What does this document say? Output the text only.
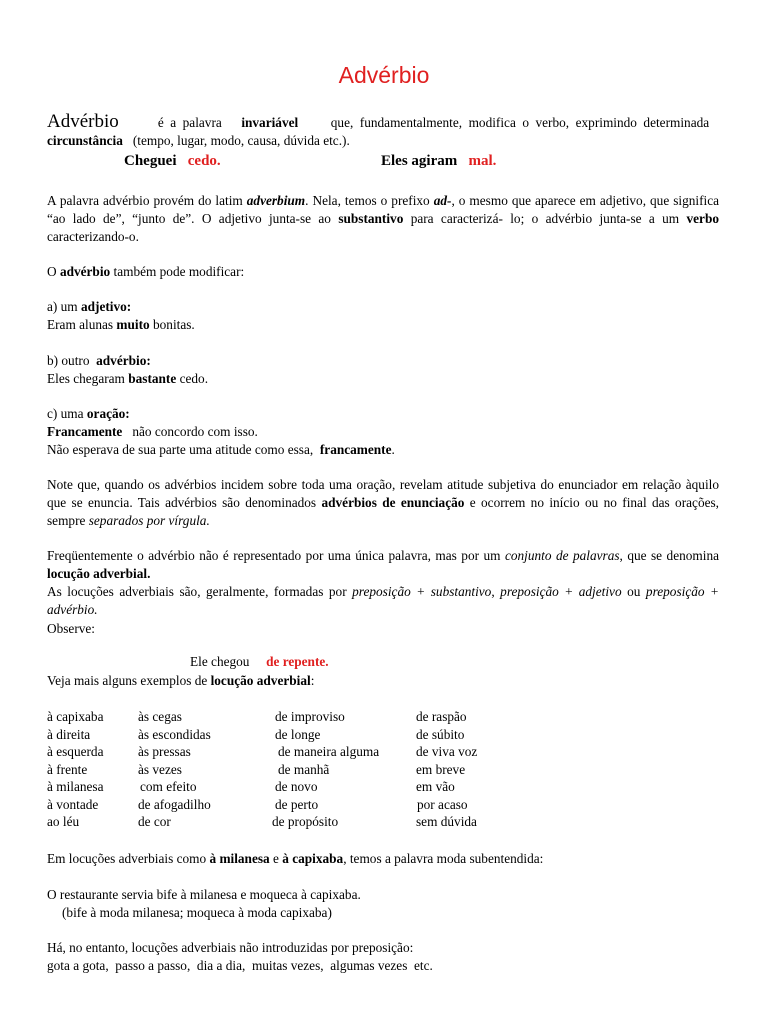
Advérbio
Advérbio	é a palavra invariável que, fundamentalmente, modifica o verbo, exprimindo determinada   circunstância (tempo, lugar, modo, causa, dúvida etc.).
Cheguei cedo.	Eles agiram mal.
A palavra advérbio provém do latim adverbium. Nela, temos o prefixo ad-, o mesmo que aparece em adjetivo, que significa “ao lado de”, “junto de”. O adjetivo junta-se ao substantivo para caracterizá- lo; o advérbio junta-se a um verbo caracterizando-o.
O advérbio também pode modificar:
a) um adjetivo:
Eram alunas muito bonitas.
b) outro advérbio:
Eles chegaram bastante cedo.
c) uma oração:
Francamente não concordo com isso.
Não esperava de sua parte uma atitude como essa, francamente.
Note que, quando os advérbios incidem sobre toda uma oração, revelam atitude subjetiva do enunciador em relação àquilo que se enuncia. Tais advérbios são denominados advérbios de enunciação e ocorrem no início ou no final das orações, sempre separados por vírgula.
Freqüentemente o advérbio não é representado por uma única palavra, mas por um conjunto de palavras, que se denomina locução adverbial.
As locuções adverbiais são, geralmente, formadas por preposição + substantivo, preposição + adjetivo ou preposição + advérbio.
Observe:
Ele chegou de repente.
Veja mais alguns exemplos de locução adverbial:
à capixaba
à direita
à esquerda
à frente
à milanesa
à vontade
ao léu
às cegas
às escondidas
às pressas
às vezes
com efeito
de afogadilho
de cor
de improviso
de longe
de maneira alguma
de manhã
de novo
de perto
de propósito
de raspão
de súbito
de viva voz
em breve
em vão
por acaso
sem dúvida
Em locuções adverbiais como à milanesa e à capixaba, temos a palavra moda subentendida:
O restaurante servia bife à milanesa e moqueca à capixaba.
(bife à moda milanesa; moqueca à moda capixaba)
Há, no entanto, locuções adverbiais não introduzidas por preposição:
gota a gota,  passo a passo,  dia a dia,  muitas vezes,  algumas vezes  etc.
